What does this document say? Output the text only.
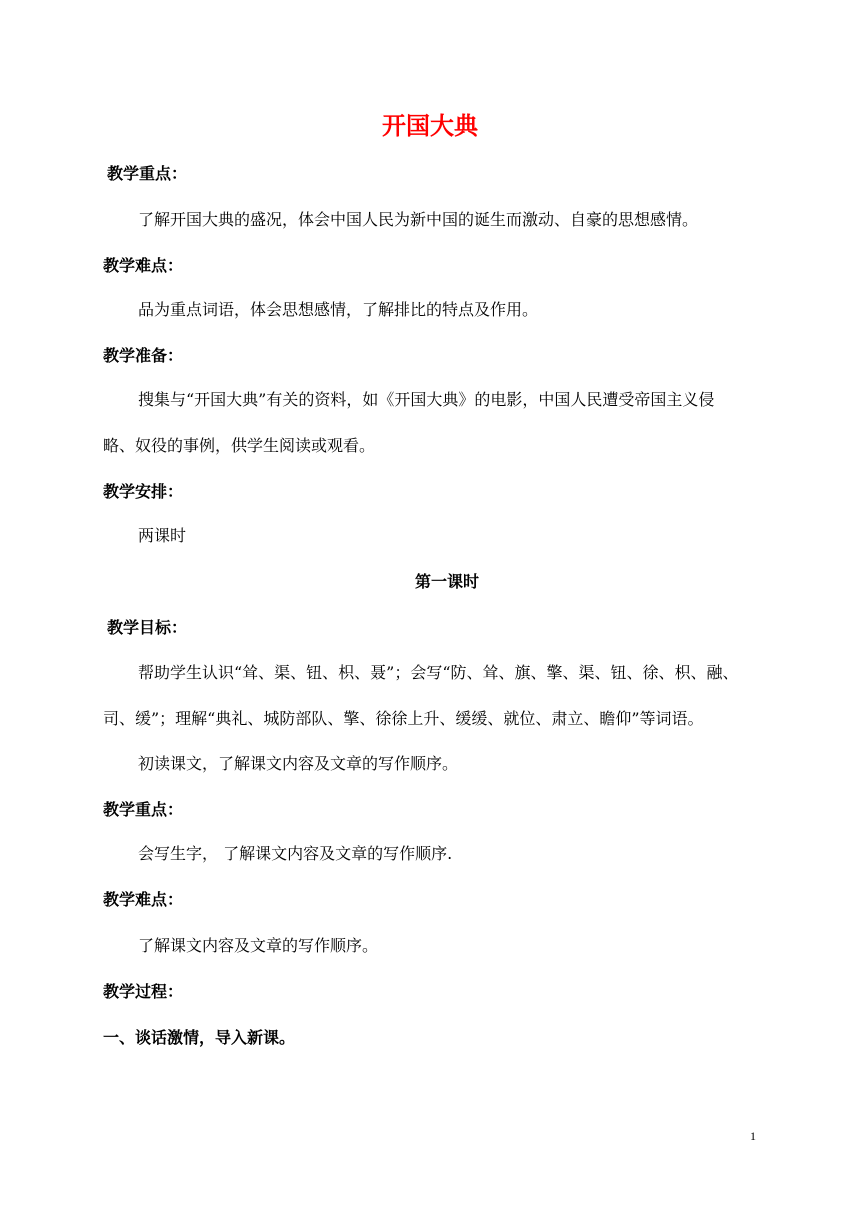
开国大典
教学重点：
了解开国大典的盛况，体会中国人民为新中国的诞生而激动、自豪的思想感情。
教学难点：
品为重点词语，体会思想感情，了解排比的特点及作用。
教学准备：
搜集与“开国大典”有关的资料，如《开国大典》的电影，中国人民遭受帝国主义侵
略、奴役的事例，供学生阅读或观看。
教学安排：
两课时
第一课时
教学目标：
帮助学生认识“耸、渠、钮、枳、聂”；会写“防、耸、旗、擎、渠、钮、徐、枳、融、
司、缓”；理解“典礼、城防部队、擎、徐徐上升、缓缓、就位、肃立、瞻仰”等词语。
初读课文，了解课文内容及文章的写作顺序。
教学重点：
会写生字， 了解课文内容及文章的写作顺序.
教学难点：
了解课文内容及文章的写作顺序。
教学过程：
一、谈话激情，导入新课。
1
